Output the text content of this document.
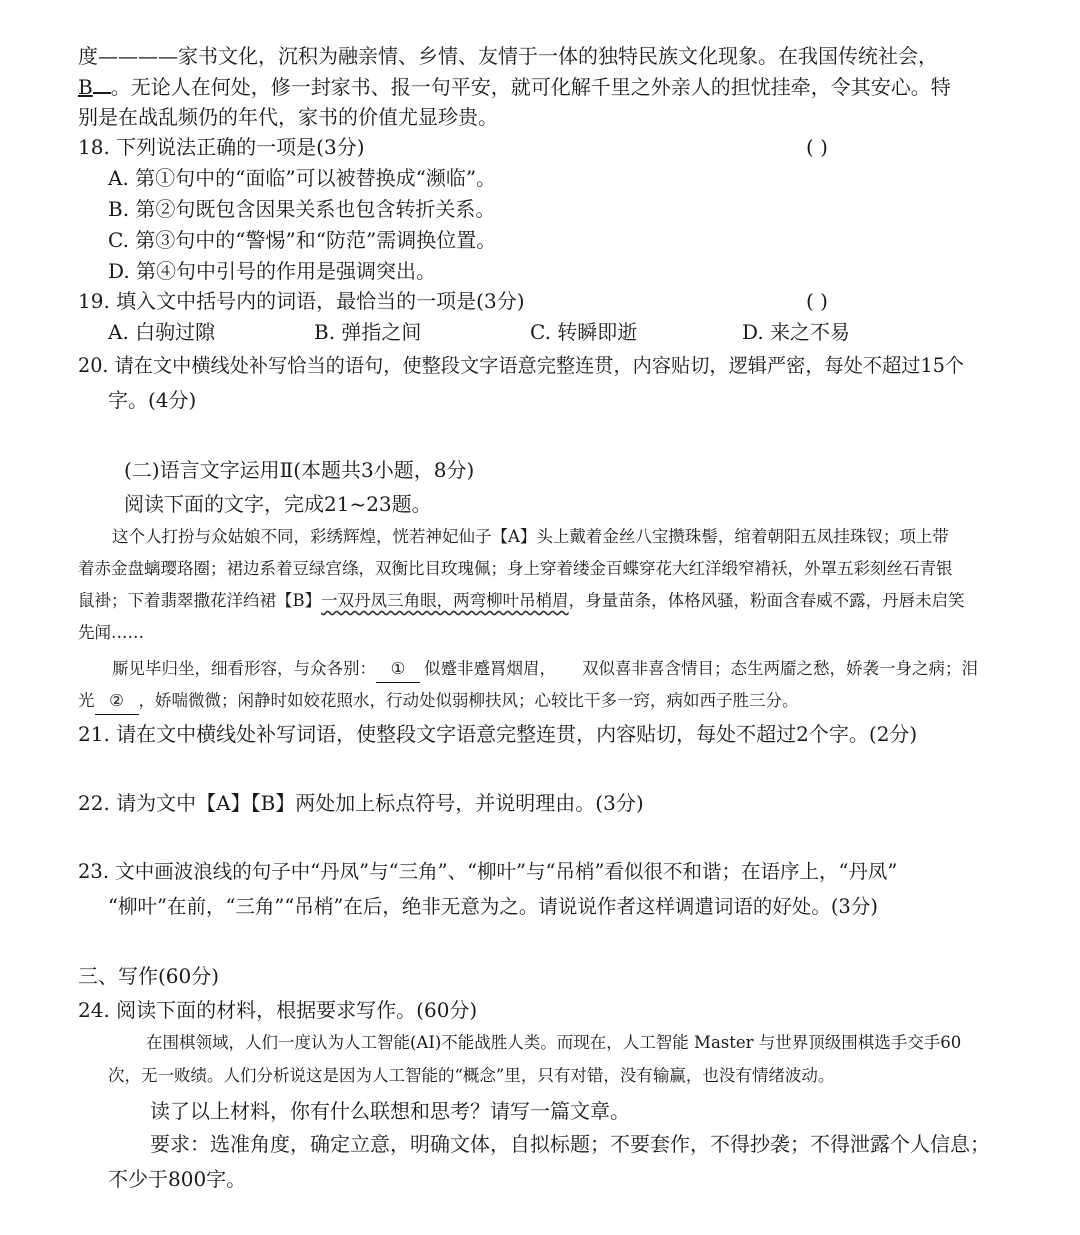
度————家书文化，沉积为融亲情、乡情、友情于一体的独特民族文化现象。在我国传统社会，
B 。无论人在何处，修一封家书、报一句平安，就可化解千里之外亲人的担忧挂牵，令其安心。特
别是在战乱频仍的年代，家书的价值尤显珍贵。
18. 下列说法正确的一项是(3分)	( )
A. 第①句中的“面临”可以被替换成“濒临”。
B. 第②句既包含因果关系也包含转折关系。
C. 第③句中的“警惕”和“防范”需调换位置。
D. 第④句中引号的作用是强调突出。
19. 填入文中括号内的词语，最恰当的一项是(3分)	( )
A. 白驹过隙	B. 弹指之间	C. 转瞬即逝	D. 来之不易
20. 请在文中横线处补写恰当的语句，使整段文字语意完整连贯，内容贴切，逻辑严密，每处不超过15个
字。(4分)
(二)语言文字运用Ⅱ(本题共3小题，8分)
阅读下面的文字，完成21~23题。
这个人打扮与众姑娘不同，彩绣辉煌，恍若神妃仙子【A】头上戴着金丝八宝攒珠髻，绾着朝阳五凤挂珠钗；项上带
着赤金盘螭璎珞圈；裙边系着豆绿宫绦，双衡比目玫瑰佩；身上穿着缕金百蝶穿花大红洋缎窄褙袄，外罩五彩刻丝石青银
鼠褂；下着翡翠撒花洋绉裙【B】一双丹凤三角眼，两弯柳叶吊梢眉，身量苗条，体格风骚，粉面含春威不露，丹唇未启笑
先闻……
厮见毕归坐，细看形容，与众各别： ① 似蹙非蹙罥烟眉， 双似喜非喜含情目；态生两靥之愁，娇袭一身之病；泪
光 ② ，娇喘微微；闲静时如姣花照水，行动处似弱柳扶风；心较比干多一窍，病如西子胜三分。
21. 请在文中横线处补写词语，使整段文字语意完整连贯，内容贴切，每处不超过2个字。(2分)
22. 请为文中【A】【B】两处加上标点符号，并说明理由。(3分)
23. 文中画波浪线的句子中“丹凤”与“三角”、“柳叶”与“吊梢”看似很不和谐；在语序上，“丹凤”
“柳叶”在前，“三角”“吊梢”在后，绝非无意为之。请说说作者这样调遣词语的好处。(3分)
三、写作(60分)
24. 阅读下面的材料，根据要求写作。(60分)
在围棋领域，人们一度认为人工智能(AI)不能战胜人类。而现在，人工智能 Master 与世界顶级围棋选手交手60
次，无一败绩。人们分析说这是因为人工智能的“概念”里，只有对错，没有输赢，也没有情绪波动。
读了以上材料，你有什么联想和思考？请写一篇文章。
要求：选准角度，确定立意，明确文体，自拟标题；不要套作，不得抄袭；不得泄露个人信息；
不少于800字。
